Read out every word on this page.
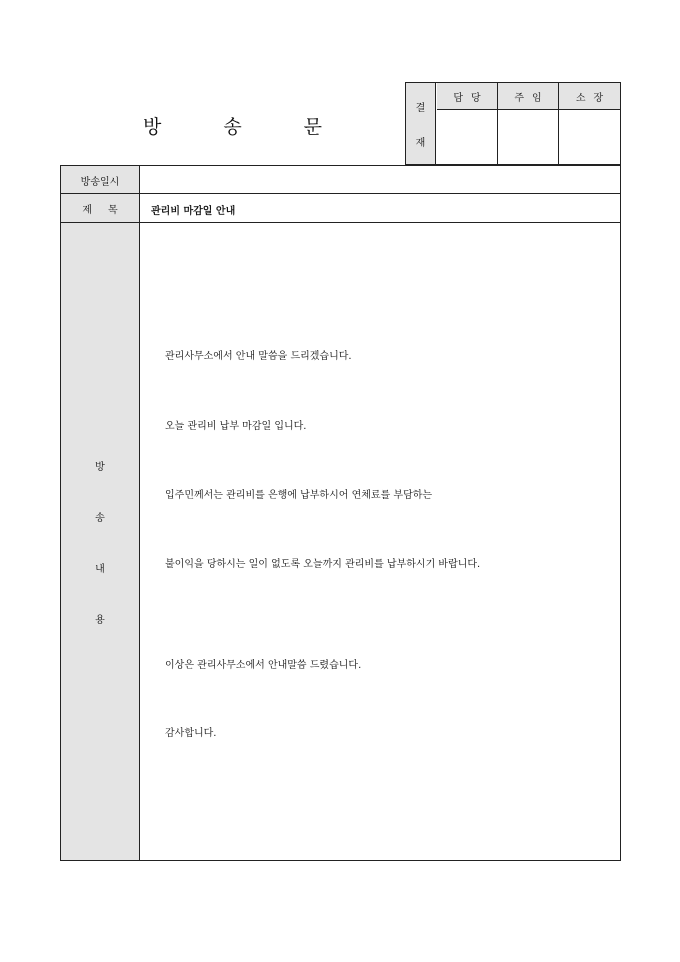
방송문
결
재
담당	주임	소장
방송일시
제목	관리비 마감일 안내
방
송
내
용
관리사무소에서 안내 말씀을 드리겠습니다.
오늘 관리비 납부 마감일 입니다.
입주민께서는 관리비를 은행에 납부하시어 연체료를 부담하는
불이익을 당하시는 일이 없도록 오늘까지 관리비를 납부하시기 바랍니다.
이상은 관리사무소에서 안내말씀 드렸습니다.
감사합니다.
